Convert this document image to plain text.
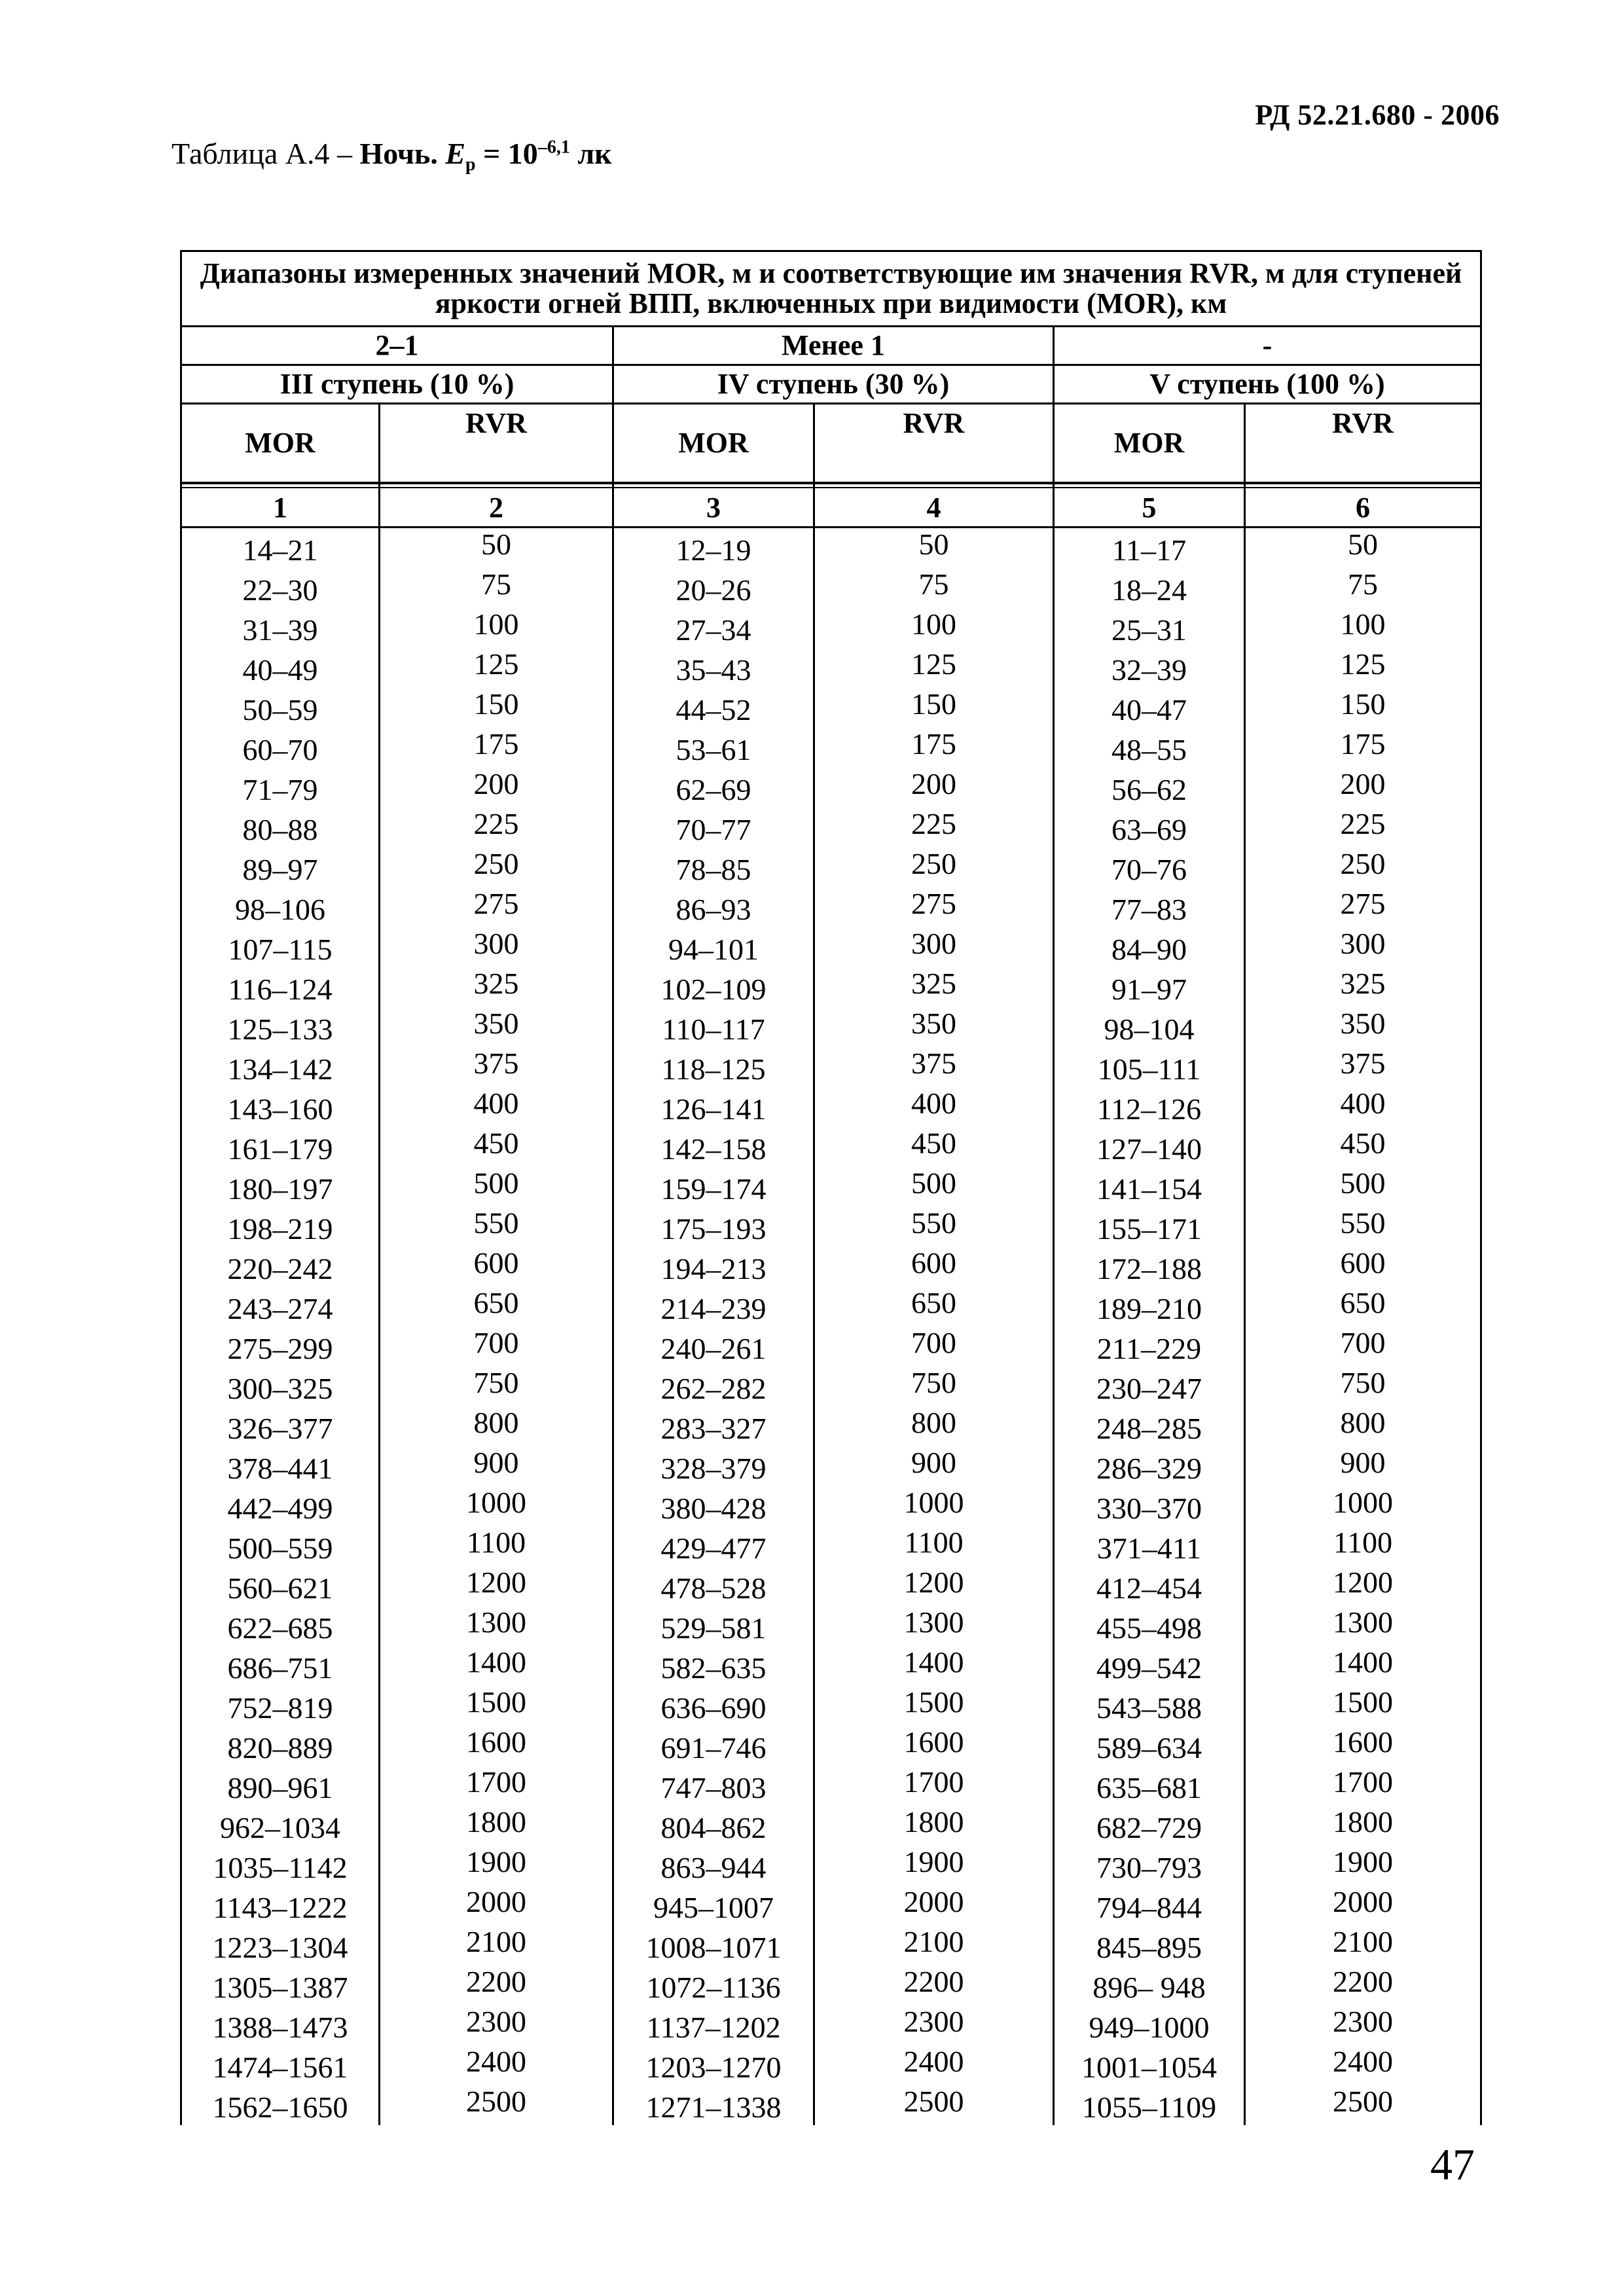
РД 52.21.680 - 2006
Таблица А.4 – Ночь. $E_р = 10^{-6,1}$ лк
Диапазоны измеренных значений MOR, м и соответствующие им значения RVR, м для ступеней яркости огней ВПП, включенных при видимости (MOR), км					
2–1		Менее 1		-	
III ступень (10 %)		IV ступень (30 %)		V ступень (100 %)	
MOR	RVR	MOR	RVR	MOR	RVR

1	2	3	4	5	6
14–21	50	12–19	50	11–17	50
22–30	75	20–26	75	18–24	75
31–39	100	27–34	100	25–31	100
40–49	125	35–43	125	32–39	125
50–59	150	44–52	150	40–47	150
60–70	175	53–61	175	48–55	175
71–79	200	62–69	200	56–62	200
80–88	225	70–77	225	63–69	225
89–97	250	78–85	250	70–76	250
98–106	275	86–93	275	77–83	275
107–115	300	94–101	300	84–90	300
116–124	325	102–109	325	91–97	325
125–133	350	110–117	350	98–104	350
134–142	375	118–125	375	105–111	375
143–160	400	126–141	400	112–126	400
161–179	450	142–158	450	127–140	450
180–197	500	159–174	500	141–154	500
198–219	550	175–193	550	155–171	550
220–242	600	194–213	600	172–188	600
243–274	650	214–239	650	189–210	650
275–299	700	240–261	700	211–229	700
300–325	750	262–282	750	230–247	750
326–377	800	283–327	800	248–285	800
378–441	900	328–379	900	286–329	900
442–499	1000	380–428	1000	330–370	1000
500–559	1100	429–477	1100	371–411	1100
560–621	1200	478–528	1200	412–454	1200
622–685	1300	529–581	1300	455–498	1300
686–751	1400	582–635	1400	499–542	1400
752–819	1500	636–690	1500	543–588	1500
820–889	1600	691–746	1600	589–634	1600
890–961	1700	747–803	1700	635–681	1700
962–1034	1800	804–862	1800	682–729	1800
1035–1142	1900	863–944	1900	730–793	1900
1143–1222	2000	945–1007	2000	794–844	2000
1223–1304	2100	1008–1071	2100	845–895	2100
1305–1387	2200	1072–1136	2200	896– 948	2200
1388–1473	2300	1137–1202	2300	949–1000	2300
1474–1561	2400	1203–1270	2400	1001–1054	2400
1562–1650	2500	1271–1338	2500	1055–1109	2500
47
